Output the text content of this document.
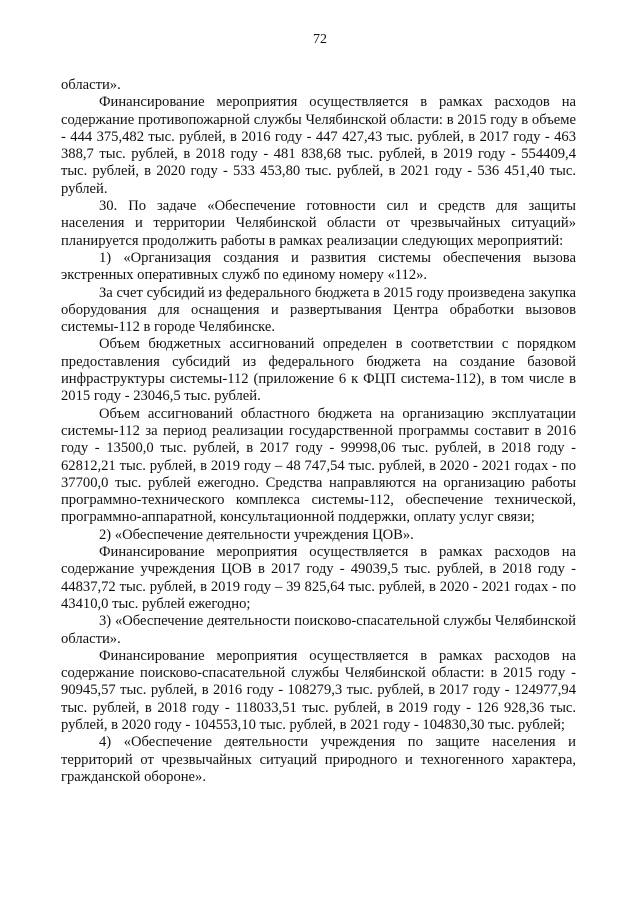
72

области».

Финансирование мероприятия осуществляется в рамках расходов на содержание противопожарной службы Челябинской области: в 2015 году в объеме - 444 375,482 тыс. рублей, в 2016 году - 447 427,43 тыс. рублей, в 2017 году - 463 388,7 тыс. рублей, в 2018 году - 481 838,68 тыс. рублей, в 2019 году - 554409,4 тыс. рублей, в 2020 году - 533 453,80 тыс. рублей, в 2021 году - 536 451,40 тыс. рублей.

30. По задаче «Обеспечение готовности сил и средств для защиты населения и территории Челябинской области от чрезвычайных ситуаций» планируется продолжить работы в рамках реализации следующих мероприятий:

1) «Организация создания и развития системы обеспечения вызова экстренных оперативных служб по единому номеру «112».

За счет субсидий из федерального бюджета в 2015 году произведена закупка оборудования для оснащения и развертывания Центра обработки вызовов системы-112 в городе Челябинске.

Объем бюджетных ассигнований определен в соответствии с порядком предоставления субсидий из федерального бюджета на создание базовой инфраструктуры системы-112 (приложение 6 к ФЦП система-112), в том числе в 2015 году - 23046,5 тыс. рублей.

Объем ассигнований областного бюджета на организацию эксплуатации системы-112 за период реализации государственной программы составит в 2016 году - 13500,0 тыс. рублей, в 2017 году - 99998,06 тыс. рублей, в 2018 году - 62812,21 тыс. рублей, в 2019 году – 48 747,54 тыс. рублей, в 2020 - 2021 годах - по 37700,0 тыс. рублей ежегодно. Средства направляются на организацию работы программно-технического комплекса системы-112, обеспечение технической, программно-аппаратной, консультационной поддержки, оплату услуг связи;

2) «Обеспечение деятельности учреждения ЦОВ».

Финансирование мероприятия осуществляется в рамках расходов на содержание учреждения ЦОВ в 2017 году - 49039,5 тыс. рублей, в 2018 году - 44837,72 тыс. рублей, в 2019 году – 39 825,64 тыс. рублей, в 2020 - 2021 годах - по 43410,0 тыс. рублей ежегодно;

3) «Обеспечение деятельности поисково-спасательной службы Челябинской области».

Финансирование мероприятия осуществляется в рамках расходов на содержание поисково-спасательной службы Челябинской области: в 2015 году - 90945,57 тыс. рублей, в 2016 году - 108279,3 тыс. рублей, в 2017 году - 124977,94 тыс. рублей, в 2018 году - 118033,51 тыс. рублей, в 2019 году - 126 928,36 тыс. рублей, в 2020 году - 104553,10 тыс. рублей, в 2021 году - 104830,30 тыс. рублей;

4) «Обеспечение деятельности учреждения по защите населения и территорий от чрезвычайных ситуаций природного и техногенного характера, гражданской обороне».
